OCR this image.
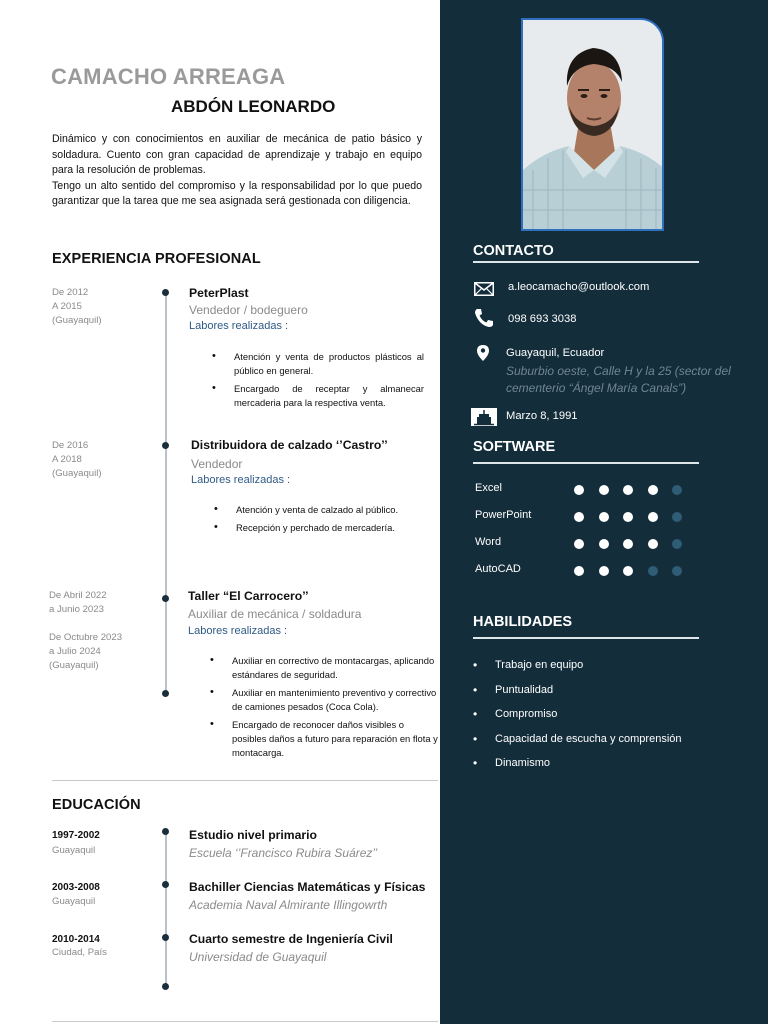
CAMACHO ARREAGA
ABDÓN LEONARDO

Dinámico y con conocimientos en auxiliar de mecánica de patio básico y soldadura. Cuento con gran capacidad de aprendizaje y trabajo en equipo para la resolución de problemas.

Tengo un alto sentido del compromiso y la responsabilidad por lo que puedo garantizar que la tarea que me sea asignada será gestionada con diligencia.

EXPERIENCIA PROFESIONAL
De 2012
A 2015
(Guayaquil)
PeterPlast
Vendedor / bodeguero
Labores realizadas :
• Atención y venta de productos plásticos al público en general.
• Encargado de receptar y almanecar mercaderia para la respectiva venta.
De 2016
A 2018
(Guayaquil)
Distribuidora de calzado ‘’Castro’’
Vendedor
Labores realizadas :
• Atención y venta de calzado al público.
• Recepción y perchado de mercadería.
De Abril 2022
a Junio 2023
De Octubre 2023
a Julio 2024
(Guayaquil)
Taller “El Carrocero’’
Auxiliar de mecánica / soldadura
Labores realizadas :
• Auxiliar en correctivo de montacargas, aplicando estándares de seguridad.
• Auxiliar en mantenimiento preventivo y correctivo de camiones pesados (Coca Cola).
• Encargado de reconocer daños visibles o posibles daños a futuro para reparación en flota y montacarga.
EDUCACIÓN
1997-2002
Guayaquil
Estudio nivel primario
Escuela ‘’Francisco Rubira Suárez’’
2003-2008
Guayaquil
Bachiller Ciencias Matemáticas y Físicas
Academia Naval Almirante Illingowrth
2010-2014
Ciudad, País
Cuarto semestre de Ingeniería Civil
Universidad de Guayaquil
CONTACTO
a.leocamacho@outlook.com
098 693 3038
Guayaquil, Ecuador
Suburbio oeste, Calle H y la 25 (sector del cementerio “Ángel María Canals”)
Marzo 8, 1991
SOFTWARE
Excel
PowerPoint
Word
AutoCAD
HABILIDADES
• Trabajo en equipo
• Puntualidad
• Compromiso
• Capacidad de escucha y comprensión
• Dinamismo
